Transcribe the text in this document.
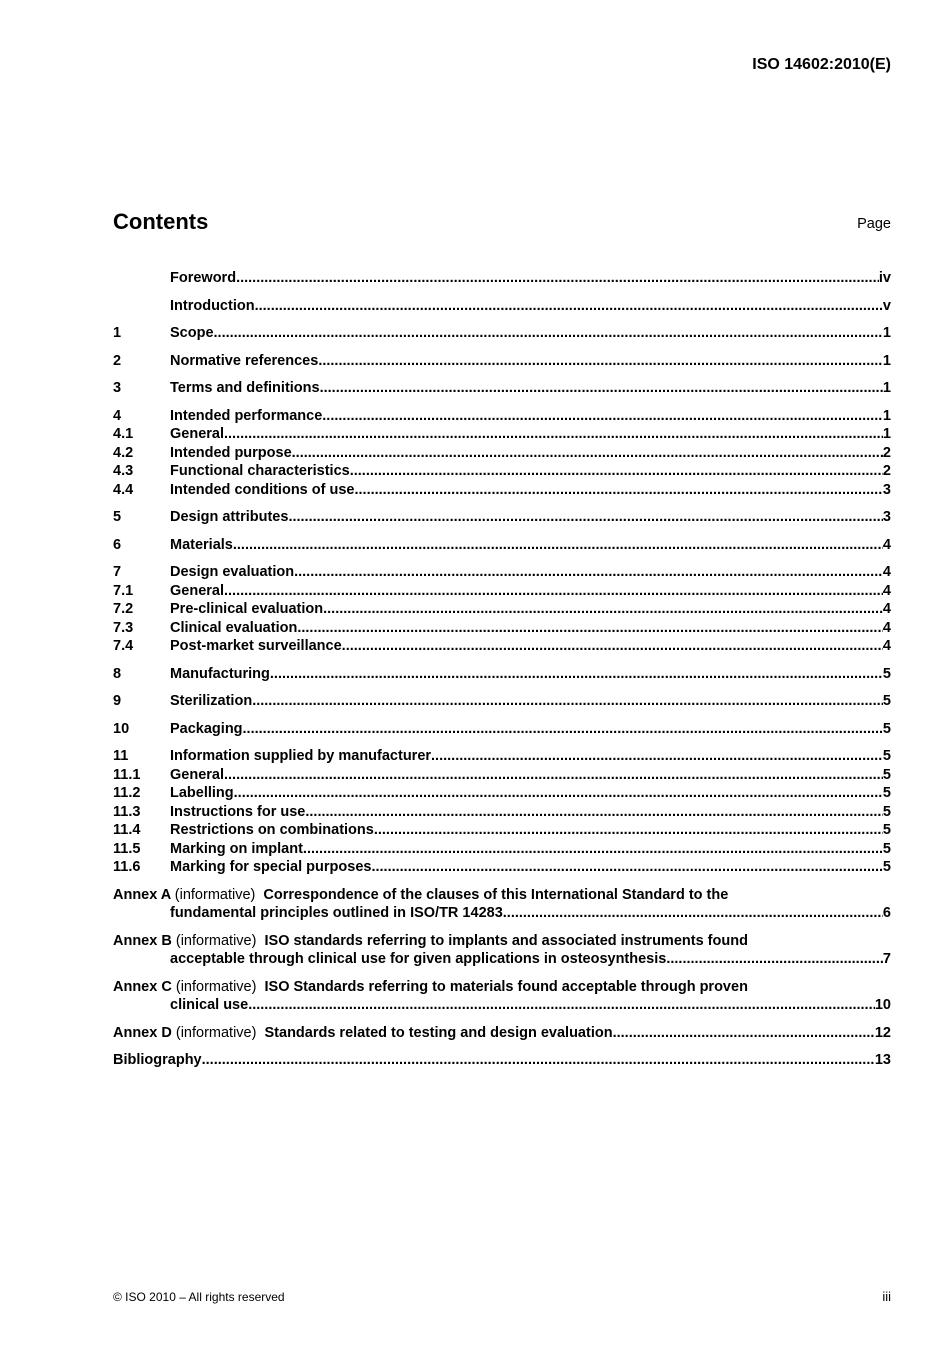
ISO 14602:2010(E)
Contents	Page
Foreword .....	iv
Introduction .....	v
1	Scope .....	1
2	Normative references .....	1
3	Terms and definitions .....	1
4	Intended performance .....	1
4.1	General .....	1
4.2	Intended purpose .....	2
4.3	Functional characteristics .....	2
4.4	Intended conditions of use .....	3
5	Design attributes .....	3
6	Materials .....	4
7	Design evaluation .....	4
7.1	General .....	4
7.2	Pre-clinical evaluation .....	4
7.3	Clinical evaluation .....	4
7.4	Post-market surveillance .....	4
8	Manufacturing .....	5
9	Sterilization .....	5
10	Packaging .....	5
11	Information supplied by manufacturer .....	5
11.1	General .....	5
11.2	Labelling .....	5
11.3	Instructions for use .....	5
11.4	Restrictions on combinations .....	5
11.5	Marking on implant .....	5
11.6	Marking for special purposes .....	5
Annex A (informative) Correspondence of the clauses of this International Standard to the
fundamental principles outlined in ISO/TR 14283 .....	6
Annex B (informative) ISO standards referring to implants and associated instruments found
acceptable through clinical use for given applications in osteosynthesis .....	7
Annex C (informative) ISO Standards referring to materials found acceptable through proven
clinical use .....	10
Annex D (informative) Standards related to testing and design evaluation .....	12
Bibliography .....	13
© ISO 2010 – All rights reserved	iii
